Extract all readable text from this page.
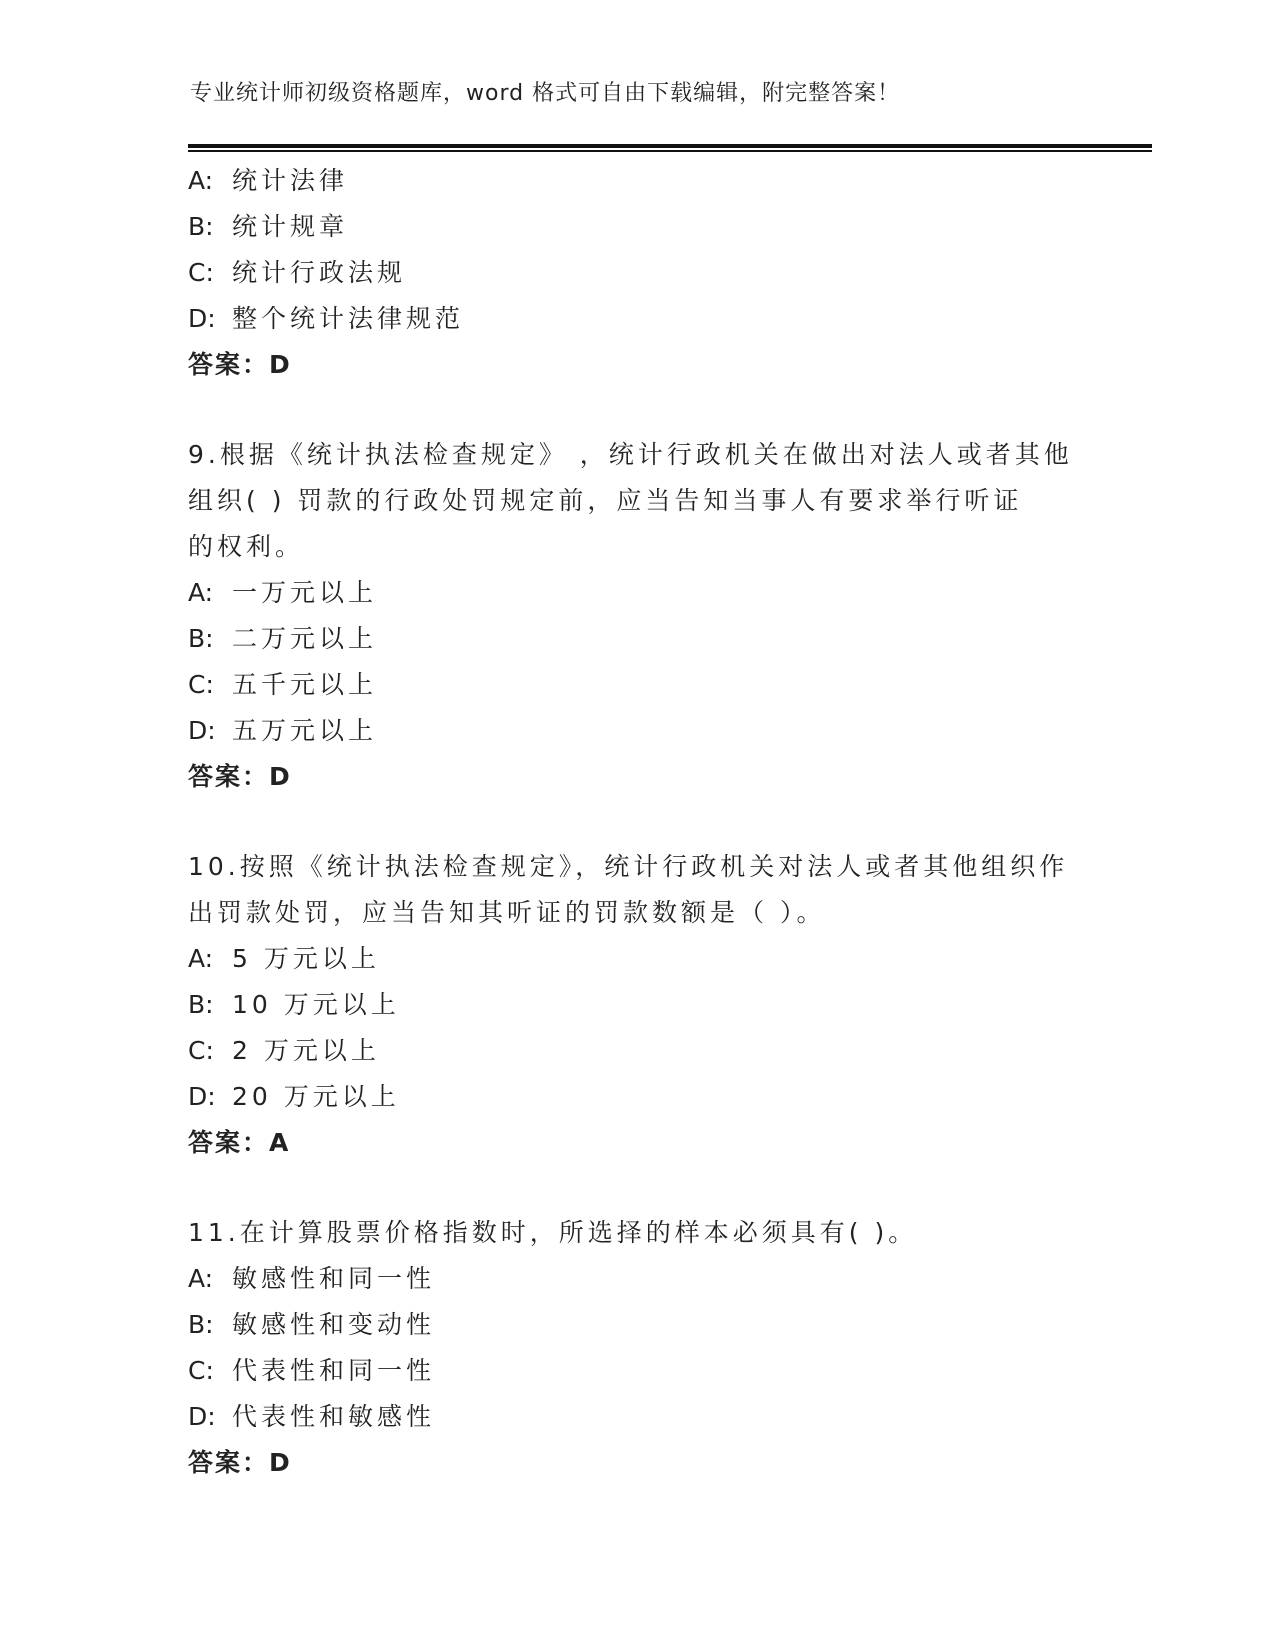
专业统计师初级资格题库，word 格式可自由下载编辑，附完整答案！
A: 统计法律
B: 统计规章
C: 统计行政法规
D: 整个统计法律规范
答案：D
9.根据《统计执法检查规定》 ，统计行政机关在做出对法人或者其他
组织( ) 罚款的行政处罚规定前，应当告知当事人有要求举行听证
的权利。
A: 一万元以上
B: 二万元以上
C: 五千元以上
D: 五万元以上
答案：D
10.按照《统计执法检查规定》，统计行政机关对法人或者其他组织作
出罚款处罚，应当告知其听证的罚款数额是（ ）。
A: 5 万元以上
B: 10 万元以上
C: 2 万元以上
D: 20 万元以上
答案：A
11.在计算股票价格指数时，所选择的样本必须具有( )。
A: 敏感性和同一性
B: 敏感性和变动性
C: 代表性和同一性
D: 代表性和敏感性
答案：D
